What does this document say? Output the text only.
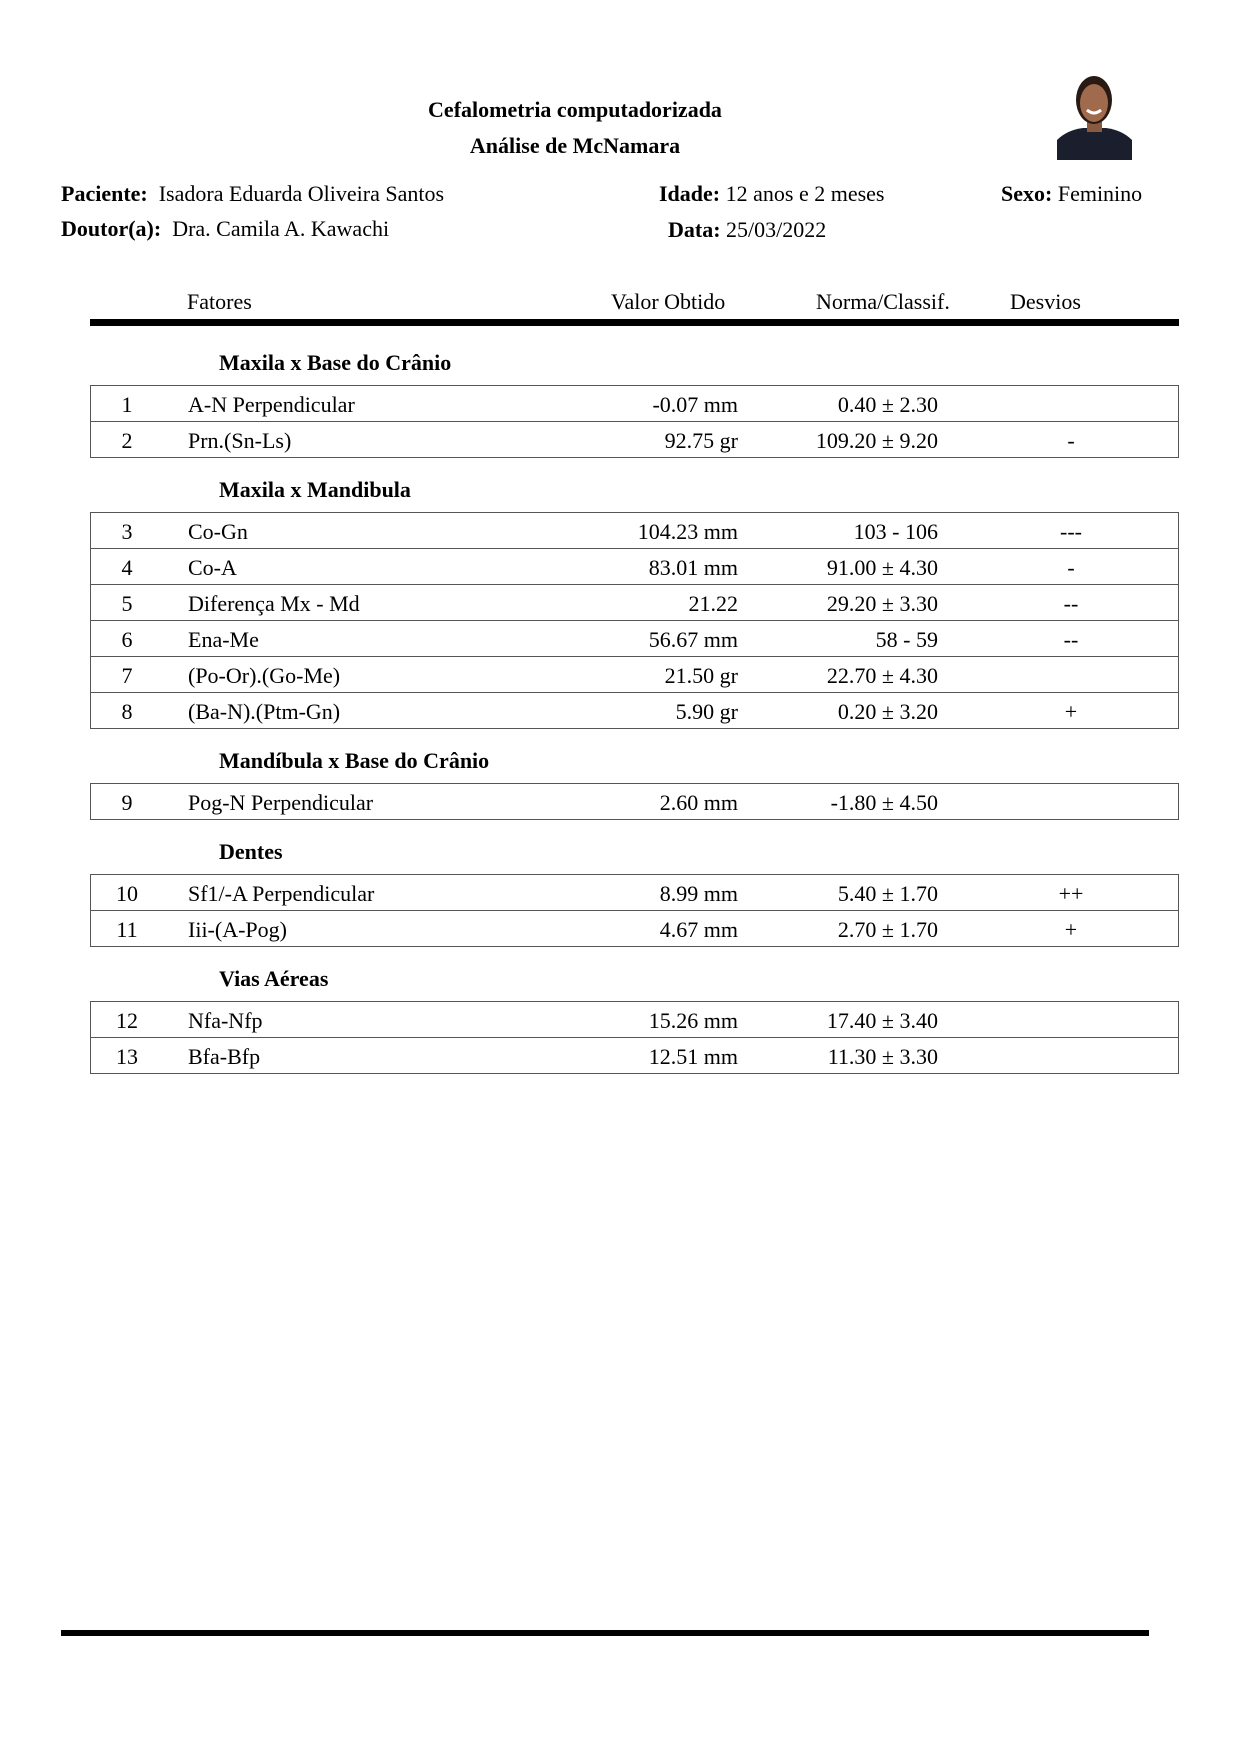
Cefalometria computadorizada
Análise de McNamara
Paciente: Isadora Eduarda Oliveira Santos	Idade: 12 anos e 2 meses	Sexo: Feminino
Doutor(a): Dra. Camila A. Kawachi	Data: 25/03/2022
Fatores	Valor Obtido	Norma/Classif.	Desvios
Maxila x Base do Crânio
1	A-N Perpendicular	-0.07 mm	0.40 ± 2.30
2	Prn.(Sn-Ls)	92.75 gr	109.20 ± 9.20	-
Maxila x Mandibula
3	Co-Gn	104.23 mm	103 - 106	---
4	Co-A	83.01 mm	91.00 ± 4.30	-
5	Diferença Mx - Md	21.22	29.20 ± 3.30	--
6	Ena-Me	56.67 mm	58 - 59	--
7	(Po-Or).(Go-Me)	21.50 gr	22.70 ± 4.30
8	(Ba-N).(Ptm-Gn)	5.90 gr	0.20 ± 3.20	+
Mandíbula x Base do Crânio
9	Pog-N Perpendicular	2.60 mm	-1.80 ± 4.50
Dentes
10	Sf1/-A Perpendicular	8.99 mm	5.40 ± 1.70	++
11	Iii-(A-Pog)	4.67 mm	2.70 ± 1.70	+
Vias Aéreas
12	Nfa-Nfp	15.26 mm	17.40 ± 3.40
13	Bfa-Bfp	12.51 mm	11.30 ± 3.30
